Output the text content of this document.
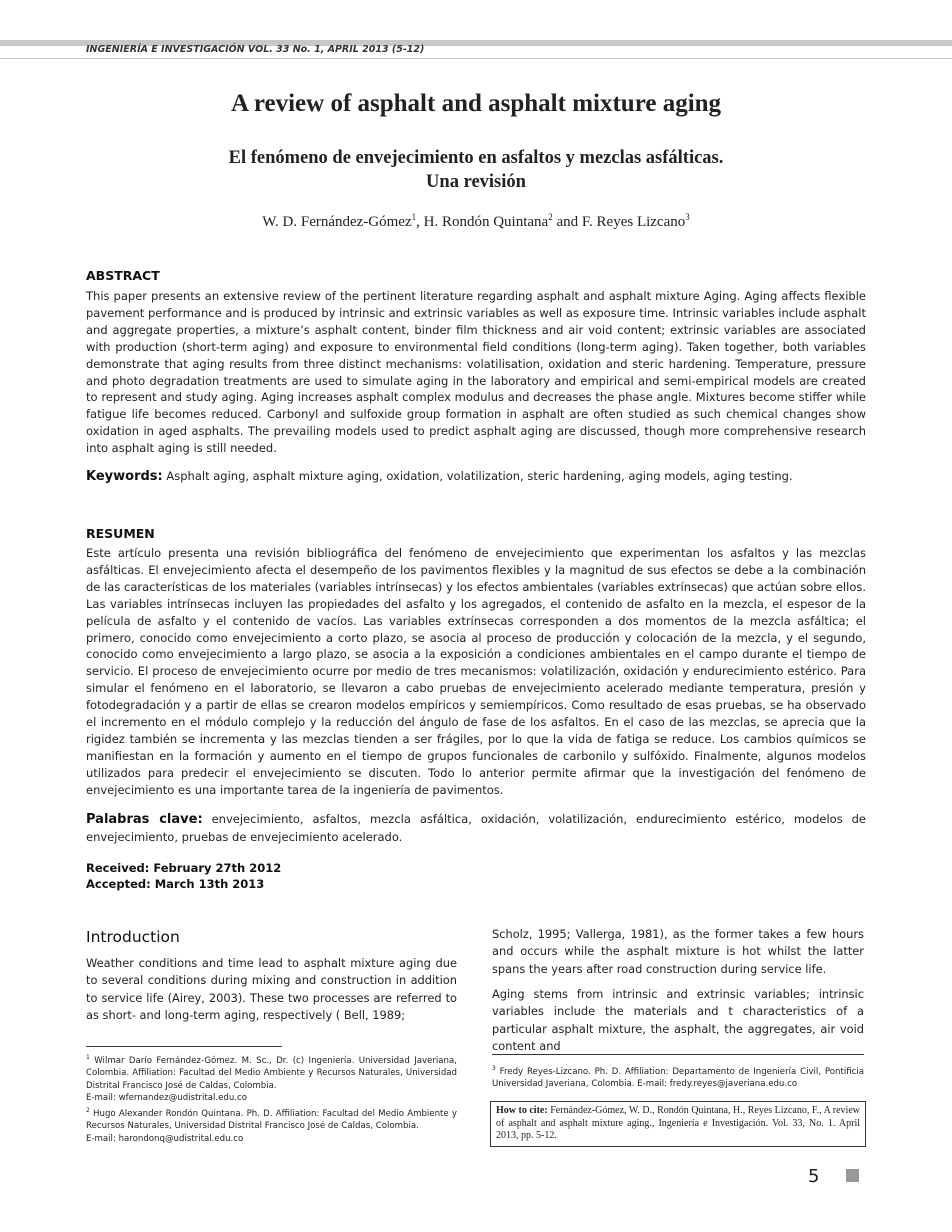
INGENIERÍA E INVESTIGACIÓN VOL. 33 No. 1, APRIL 2013 (5-12)
A review of asphalt and asphalt mixture aging
El fenómeno de envejecimiento en asfaltos y mezclas asfálticas.
Una revisión
W. D. Fernández-Gómez$^1$, H. Rondón Quintana$^2$ and F. Reyes Lizcano$^3$
ABSTRACT
This paper presents an extensive review of the pertinent literature regarding asphalt and asphalt mixture Aging. Aging affects flexible pavement performance and is produced by intrinsic and extrinsic variables as well as exposure time. Intrinsic variables include asphalt and aggregate properties, a mixture’s asphalt content, binder film thickness and air void content; extrinsic variables are associated with production (short-term aging) and exposure to environmental field conditions (long-term aging). Taken together, both variables demonstrate that aging results from three distinct mechanisms: volatilisation, oxidation and steric hardening. Temperature, pressure and photo degradation treatments are used to simulate aging in the laboratory and empirical and semi-empirical models are created to represent and study aging. Aging increases asphalt complex modulus and decreases the phase angle. Mixtures become stiffer while fatigue life becomes reduced. Carbonyl and sulfoxide group formation in asphalt are often studied as such chemical changes show oxidation in aged asphalts. The prevailing models used to predict asphalt aging are discussed, though more comprehensive research into asphalt aging is still needed.
Keywords: Asphalt aging, asphalt mixture aging, oxidation, volatilization, steric hardening, aging models, aging testing.
RESUMEN
Este artículo presenta una revisión bibliográfica del fenómeno de envejecimiento que experimentan los asfaltos y las mezclas asfálticas. El envejecimiento afecta el desempeño de los pavimentos flexibles y la magnitud de sus efectos se debe a la combinación de las características de los materiales (variables intrínsecas) y los efectos ambientales (variables extrínsecas) que actúan sobre ellos. Las variables intrínsecas incluyen las propiedades del asfalto y los agregados, el contenido de asfalto en la mezcla, el espesor de la película de asfalto y el contenido de vacíos. Las variables extrínsecas corresponden a dos momentos de la mezcla asfáltica; el primero, conocido como envejecimiento a corto plazo, se asocia al proceso de producción y colocación de la mezcla, y el segundo, conocido como envejecimiento a largo plazo, se asocia a la exposición a condiciones ambientales en el campo durante el tiempo de servicio. El proceso de envejecimiento ocurre por medio de tres mecanismos: volatilización, oxidación y endurecimiento estérico. Para simular el fenómeno en el laboratorio, se llevaron a cabo pruebas de envejecimiento acelerado mediante temperatura, presión y fotodegradación y a partir de ellas se crearon modelos empíricos y semiempíricos. Como resultado de esas pruebas, se ha observado el incremento en el módulo complejo y la reducción del ángulo de fase de los asfaltos. En el caso de las mezclas, se aprecia que la rigidez también se incrementa y las mezclas tienden a ser frágiles, por lo que la vida de fatiga se reduce. Los cambios químicos se manifiestan en la formación y aumento en el tiempo de grupos funcionales de carbonilo y sulfóxido. Finalmente, algunos modelos utilizados para predecir el envejecimiento se discuten. Todo lo anterior permite afirmar que la investigación del fenómeno de envejecimiento es una importante tarea de la ingeniería de pavimentos.
Palabras clave: envejecimiento, asfaltos, mezcla asfáltica, oxidación, volatilización, endurecimiento estérico, modelos de envejecimiento, pruebas de envejecimiento acelerado.
Received: February 27th 2012
Accepted: March 13th 2013
Introduction
Weather conditions and time lead to asphalt mixture aging due to several conditions during mixing and construction in addition to service life (Airey, 2003). These two processes are referred to as short- and long-term aging, respectively ( Bell, 1989;
Scholz, 1995; Vallerga, 1981), as the former takes a few hours and occurs while the asphalt mixture is hot whilst the latter spans the years after road construction during service life.
Aging stems from intrinsic and extrinsic variables; intrinsic variables include the materials and t characteristics of a particular asphalt mixture, the asphalt, the aggregates, air void content and
$^1$ Wilmar Darío Fernández-Gómez. M. Sc., Dr. (c) Ingeniería. Universidad Javeriana, Colombia. Affiliation: Facultad del Medio Ambiente y Recursos Naturales, Universidad Distrital Francisco José de Caldas, Colombia.
E-mail: wfernandez@udistrital.edu.co
$^2$ Hugo Alexander Rondón Quintana. Ph. D. Affiliation: Facultad del Medio Ambiente y Recursos Naturales, Universidad Distrital Francisco José de Caldas, Colombia.
E-mail: harondonq@udistrital.edu.co
$^3$ Fredy Reyes-Lizcano. Ph. D. Affiliation: Departamento de Ingeniería Civil, Pontificia Universidad Javeriana, Colombia. E-mail: fredy.reyes@javeriana.edu.co
How to cite: Fernández-Gómez, W. D., Rondón Quintana, H., Reyes Lizcano, F., A review of asphalt and asphalt mixture aging., Ingeniería e Investigación. Vol. 33, No. 1. April 2013, pp. 5-12.
5
